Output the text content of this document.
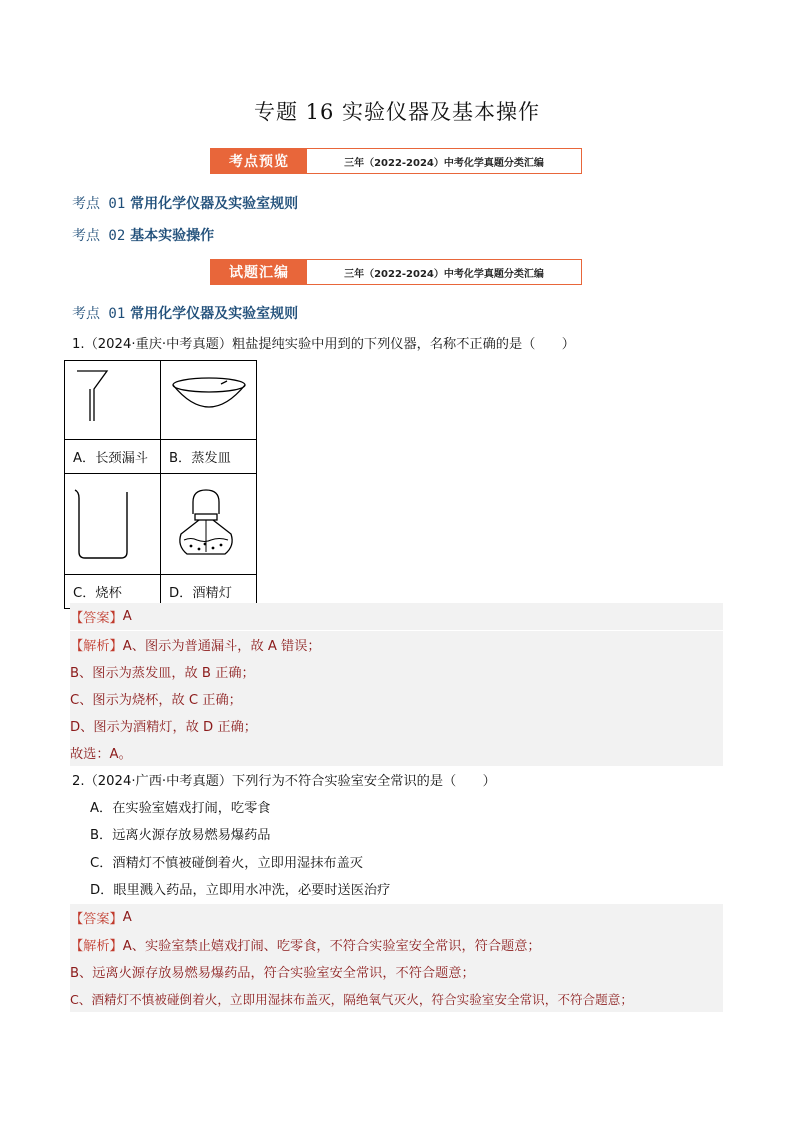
专题 16 实验仪器及基本操作
考点预览	三年（2022-2024）中考化学真题分类汇编
考点 01 常用化学仪器及实验室规则
考点 02 基本实验操作
试题汇编	三年（2022-2024）中考化学真题分类汇编
考点 01 常用化学仪器及实验室规则
1.（2024·重庆·中考真题）粗盐提纯实验中用到的下列仪器，名称不正确的是（　　）

A．长颈漏斗	B．蒸发皿

C．烧杯	D．酒精灯
【答案】 A
【解析】 A、图示为普通漏斗，故 A 错误；
B、图示为蒸发皿，故 B 正确；
C、图示为烧杯，故 C 正确；
D、图示为酒精灯，故 D 正确；
故选：A。
2.（2024·广西·中考真题）下列行为不符合实验室安全常识的是（　　）
A．在实验室嬉戏打闹，吃零食
B．远离火源存放易燃易爆药品
C．酒精灯不慎被碰倒着火，立即用湿抹布盖灭
D．眼里溅入药品，立即用水冲洗，必要时送医治疗
【答案】 A
【解析】 A、实验室禁止嬉戏打闹、吃零食，不符合实验室安全常识，符合题意；
B、远离火源存放易燃易爆药品，符合实验室安全常识，不符合题意；
C、酒精灯不慎被碰倒着火，立即用湿抹布盖灭，隔绝氧气灭火，符合实验室安全常识，不符合题意；
